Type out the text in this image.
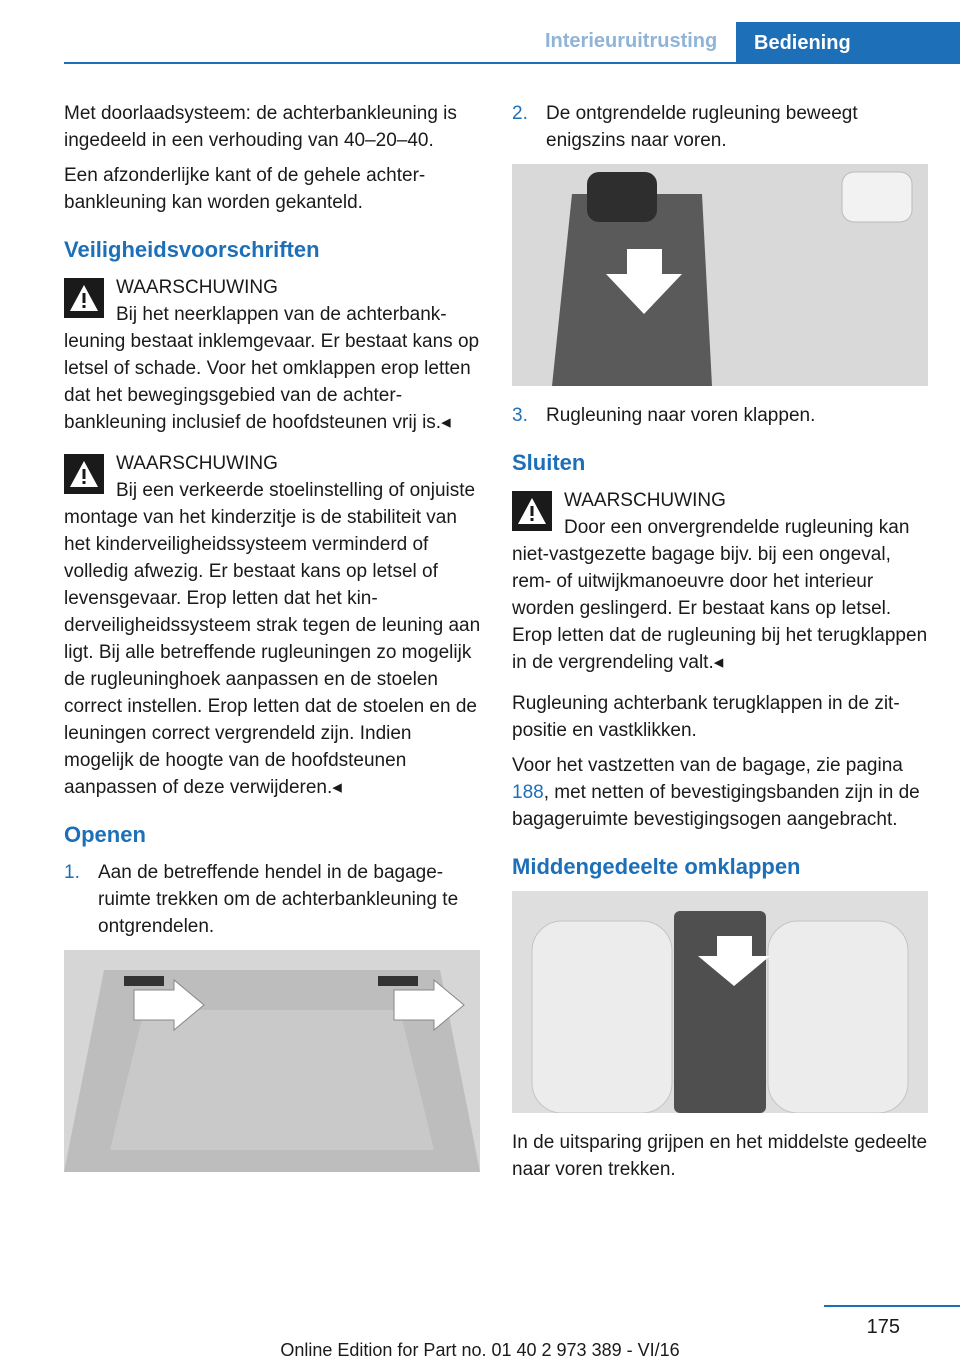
Interieuruitrusting	Bediening

Met doorlaadsysteem: de achterbankleuning is ingedeeld in een verhouding van 40–20–40.

Een afzonderlijke kant of de gehele achterbankleuning kan worden gekanteld.

Veiligheidsvoorschriften
WAARSCHUWING
Bij het neerklappen van de achterbankleuning bestaat inklemgevaar. Er bestaat kans op letsel of schade. Voor het omklappen erop letten dat het bewegingsgebied van de achterbankleuning inclusief de hoofdsteunen vrij is.◂
WAARSCHUWING
Bij een verkeerde stoelinstelling of onjuiste montage van het kinderzitje is de stabiliteit van het kinderveiligheidssysteem verminderd of volledig afwezig. Er bestaat kans op letsel of levensgevaar. Erop letten dat het kinderveiligheidssysteem strak tegen de leuning aan ligt. Bij alle betreffende rugleuningen zo mogelijk de rugleuninghoek aanpassen en de stoelen correct instellen. Erop letten dat de stoelen en de leuningen correct vergrendeld zijn. Indien mogelijk de hoogte van de hoofdsteunen aanpassen of deze verwijderen.◂
Openen
1. Aan de betreffende hendel in de bagageruimte trekken om de achterbankleuning te ontgrendelen.
2. De ontgrendelde rugleuning beweegt enigszins naar voren.
3. Rugleuning naar voren klappen.
Sluiten
WAARSCHUWING
Door een onvergrendelde rugleuning kan niet-vastgezette bagage bijv. bij een ongeval, rem- of uitwijkmanoeuvre door het interieur worden geslingerd. Er bestaat kans op letsel. Erop letten dat de rugleuning bij het terugklappen in de vergrendeling valt.◂

Rugleuning achterbank terugklappen in de zitpositie en vastklikken.

Voor het vastzetten van de bagage, zie pagina 188, met netten of bevestigingsbanden zijn in de bagageruimte bevestigingsogen aangebracht.

Middengedeelte omklappen

In de uitsparing grijpen en het middelste gedeelte naar voren trekken.

175
Online Edition for Part no. 01 40 2 973 389 - VI/16
